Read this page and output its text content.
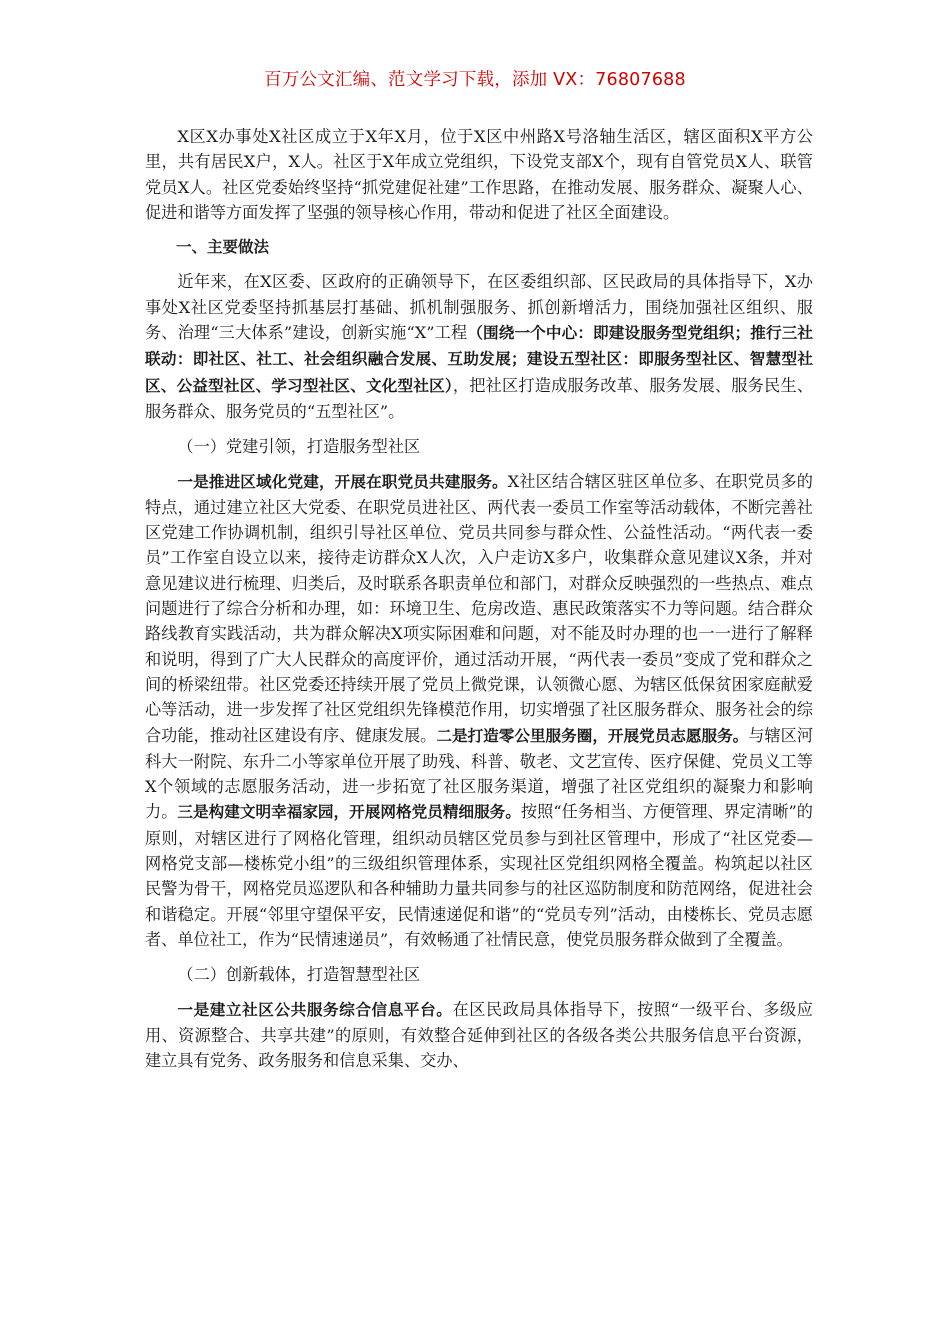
百万公文汇编、范文学习下载，添加 VX：76807688

X区X办事处X社区成立于X年X月，位于X区中州路X号洛轴生活区，辖区面积X平方公里，共有居民X户，X人。社区于X年成立党组织，下设党支部X个，现有自管党员X人、联管党员X人。社区党委始终坚持“抓党建促社建”工作思路，在推动发展、服务群众、凝聚人心、促进和谐等方面发挥了坚强的领导核心作用，带动和促进了社区全面建设。

一、主要做法

近年来，在X区委、区政府的正确领导下，在区委组织部、区民政局的具体指导下，X办事处X社区党委坚持抓基层打基础、抓机制强服务、抓创新增活力，围绕加强社区组织、服务、治理“三大体系”建设，创新实施“X”工程（围绕一个中心：即建设服务型党组织；推行三社联动：即社区、社工、社会组织融合发展、互助发展；建设五型社区：即服务型社区、智慧型社区、公益型社区、学习型社区、文化型社区），把社区打造成服务改革、服务发展、服务民生、服务群众、服务党员的“五型社区”。

（一）党建引领，打造服务型社区

一是推进区域化党建，开展在职党员共建服务。X社区结合辖区驻区单位多、在职党员多的特点，通过建立社区大党委、在职党员进社区、两代表一委员工作室等活动载体，不断完善社区党建工作协调机制，组织引导社区单位、党员共同参与群众性、公益性活动。“两代表一委员”工作室自设立以来，接待走访群众X人次，入户走访X多户，收集群众意见建议X条，并对意见建议进行梳理、归类后，及时联系各职责单位和部门，对群众反映强烈的一些热点、难点问题进行了综合分析和办理，如：环境卫生、危房改造、惠民政策落实不力等问题。结合群众路线教育实践活动，共为群众解决X项实际困难和问题，对不能及时办理的也一一进行了解释和说明，得到了广大人民群众的高度评价，通过活动开展，“两代表一委员”变成了党和群众之间的桥梁纽带。社区党委还持续开展了党员上微党课，认领微心愿、为辖区低保贫困家庭献爱心等活动，进一步发挥了社区党组织先锋模范作用，切实增强了社区服务群众、服务社会的综合功能，推动社区建设有序、健康发展。二是打造零公里服务圈，开展党员志愿服务。与辖区河科大一附院、东升二小等家单位开展了助残、科普、敬老、文艺宣传、医疗保健、党员义工等X个领域的志愿服务活动，进一步拓宽了社区服务渠道，增强了社区党组织的凝聚力和影响力。三是构建文明幸福家园，开展网格党员精细服务。按照“任务相当、方便管理、界定清晰”的原则，对辖区进行了网格化管理，组织动员辖区党员参与到社区管理中，形成了“社区党委—网格党支部—楼栋党小组”的三级组织管理体系，实现社区党组织网格全覆盖。构筑起以社区民警为骨干，网格党员巡逻队和各种辅助力量共同参与的社区巡防制度和防范网络，促进社会和谐稳定。开展“邻里守望保平安，民情速递促和谐”的“党员专列”活动，由楼栋长、党员志愿者、单位社工，作为“民情速递员”，有效畅通了社情民意，使党员服务群众做到了全覆盖。

（二）创新载体，打造智慧型社区

一是建立社区公共服务综合信息平台。在区民政局具体指导下，按照“一级平台、多级应用、资源整合、共享共建”的原则，有效整合延伸到社区的各级各类公共服务信息平台资源，建立具有党务、政务服务和信息采集、交办、
